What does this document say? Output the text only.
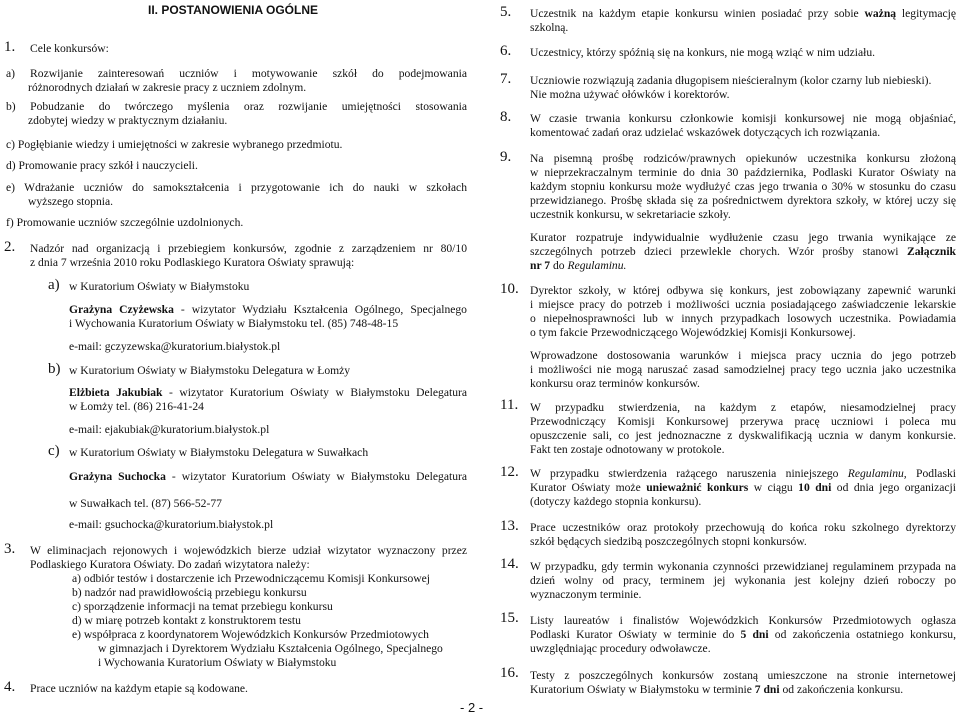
II. POSTANOWIENIA OGÓLNE
1. Cele konkursów:
a) Rozwijanie zainteresowań uczniów i motywowanie szkół do podejmowania
różnorodnych działań w zakresie pracy z uczniem zdolnym.
b) Pobudzanie do twórczego myślenia oraz rozwijanie umiejętności stosowania
zdobytej wiedzy w praktycznym działaniu.
c) Pogłębianie wiedzy i umiejętności w zakresie wybranego przedmiotu.
d) Promowanie pracy szkół i nauczycieli.
e) Wdrażanie uczniów do samokształcenia i przygotowanie ich do nauki w szkołach
wyższego stopnia.
f) Promowanie uczniów szczególnie uzdolnionych.
2. Nadzór nad organizacją i przebiegiem konkursów, zgodnie z zarządzeniem nr 80/10
z dnia 7 września 2010 roku Podlaskiego Kuratora Oświaty sprawują:
a) w Kuratorium Oświaty w Białymstoku
Grażyna Czyżewska - wizytator Wydziału Kształcenia Ogólnego, Specjalnego
i Wychowania Kuratorium Oświaty w Białymstoku tel. (85) 748-48-15
e-mail: gczyzewska@kuratorium.białystok.pl
b) w Kuratorium Oświaty w Białymstoku Delegatura w Łomży
Elżbieta Jakubiak - wizytator Kuratorium Oświaty w Białymstoku Delegatura
w Łomży tel. (86) 216-41-24
e-mail: ejakubiak@kuratorium.białystok.pl
c) w Kuratorium Oświaty w Białymstoku Delegatura w Suwałkach
Grażyna Suchocka - wizytator Kuratorium Oświaty w Białymstoku Delegatura
w Suwałkach tel. (87) 566-52-77
e-mail: gsuchocka@kuratorium.białystok.pl
3. W eliminacjach rejonowych i wojewódzkich bierze udział wizytator wyznaczony przez
Podlaskiego Kuratora Oświaty. Do zadań wizytatora należy:
a) odbiór testów i dostarczenie ich Przewodniczącemu Komisji Konkursowej
b) nadzór nad prawidłowością przebiegu konkursu
c) sporządzenie informacji na temat przebiegu konkursu
d) w miarę potrzeb kontakt z konstruktorem testu
e) współpraca z koordynatorem Wojewódzkich Konkursów Przedmiotowych
w gimnazjach i Dyrektorem Wydziału Kształcenia Ogólnego, Specjalnego
i Wychowania Kuratorium Oświaty w Białymstoku
4. Prace uczniów na każdym etapie są kodowane.
5. Uczestnik na każdym etapie konkursu winien posiadać przy sobie ważną legitymację
szkolną.
6. Uczestnicy, którzy spóźnią się na konkurs, nie mogą wziąć w nim udziału.
7. Uczniowie rozwiązują zadania długopisem nieścieralnym (kolor czarny lub niebieski).
Nie można używać ołówków i korektorów.
8. W czasie trwania konkursu członkowie komisji konkursowej nie mogą objaśniać,
komentować zadań oraz udzielać wskazówek dotyczących ich rozwiązania.
9. Na pisemną prośbę rodziców/prawnych opiekunów uczestnika konkursu złożoną
w nieprzekraczalnym terminie do dnia 30 października, Podlaski Kurator Oświaty na
każdym stopniu konkursu może wydłużyć czas jego trwania o 30% w stosunku do czasu
przewidzianego. Prośbę składa się za pośrednictwem dyrektora szkoły, w której uczy się
uczestnik konkursu, w sekretariacie szkoły.
Kurator rozpatruje indywidualnie wydłużenie czasu jego trwania wynikające ze
szczególnych potrzeb dzieci przewlekle chorych. Wzór prośby stanowi Załącznik
nr 7 do Regulaminu.
10. Dyrektor szkoły, w której odbywa się konkurs, jest zobowiązany zapewnić warunki
i miejsce pracy do potrzeb i możliwości ucznia posiadającego zaświadczenie lekarskie
o niepełnosprawności lub w innych przypadkach losowych uczestnika. Powiadamia
o tym fakcie Przewodniczącego Wojewódzkiej Komisji Konkursowej.
Wprowadzone dostosowania warunków i miejsca pracy ucznia do jego potrzeb
i możliwości nie mogą naruszać zasad samodzielnej pracy tego ucznia jako uczestnika
konkursu oraz terminów konkursów.
11. W przypadku stwierdzenia, na każdym z etapów, niesamodzielnej pracy
Przewodniczący Komisji Konkursowej przerywa pracę uczniowi i poleca mu
opuszczenie sali, co jest jednoznaczne z dyskwalifikacją ucznia w danym konkursie.
Fakt ten zostaje odnotowany w protokole.
12. W przypadku stwierdzenia rażącego naruszenia niniejszego Regulaminu, Podlaski
Kurator Oświaty może unieważnić konkurs w ciągu 10 dni od dnia jego organizacji
(dotyczy każdego stopnia konkursu).
13. Prace uczestników oraz protokoły przechowują do końca roku szkolnego dyrektorzy
szkół będących siedzibą poszczególnych stopni konkursów.
14. W przypadku, gdy termin wykonania czynności przewidzianej regulaminem przypada na
dzień wolny od pracy, terminem jej wykonania jest kolejny dzień roboczy po
wyznaczonym terminie.
15. Listy laureatów i finalistów Wojewódzkich Konkursów Przedmiotowych ogłasza
Podlaski Kurator Oświaty w terminie do 5 dni od zakończenia ostatniego konkursu,
uwzględniając procedury odwoławcze.
16. Testy z poszczególnych konkursów zostaną umieszczone na stronie internetowej
Kuratorium Oświaty w Białymstoku w terminie 7 dni od zakończenia konkursu.
- 2 -
